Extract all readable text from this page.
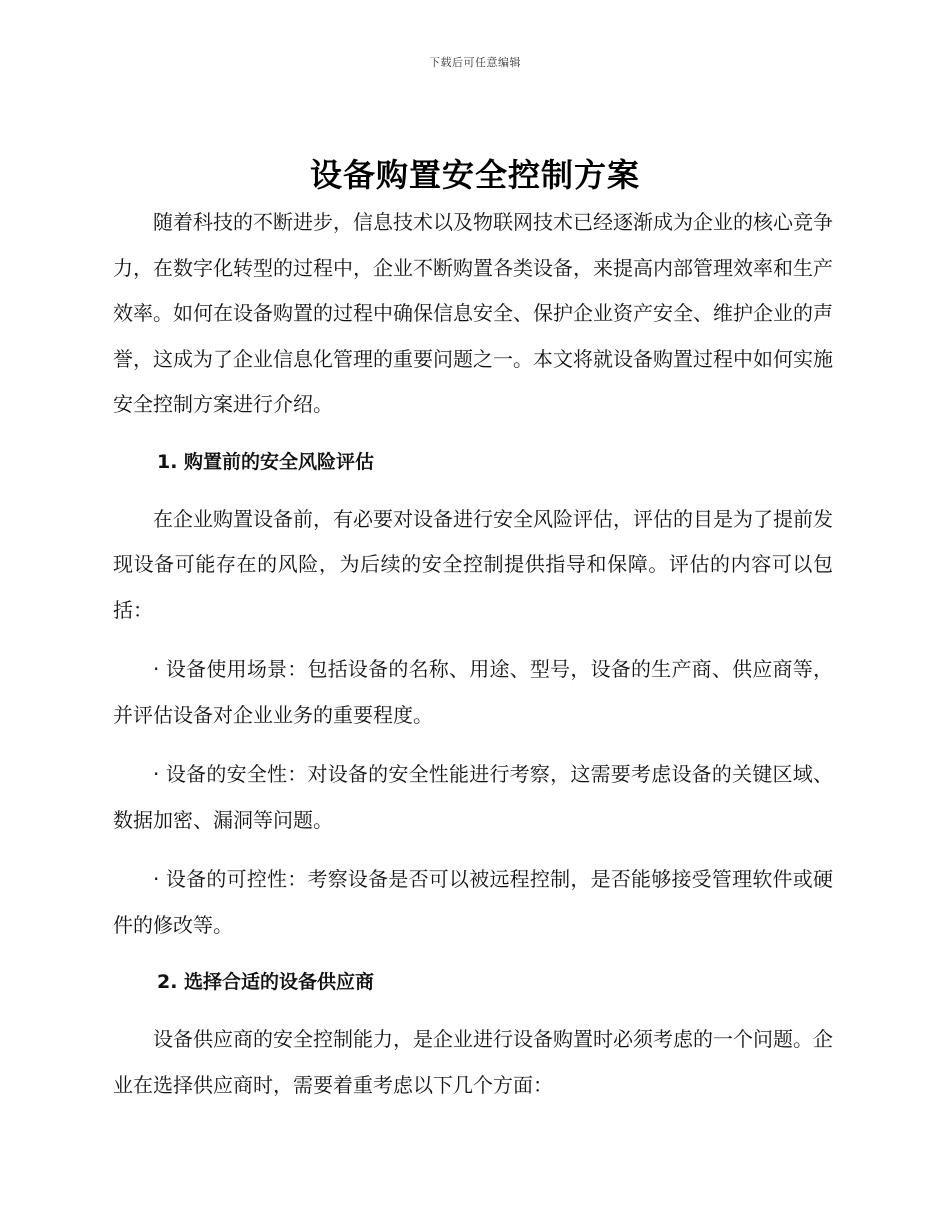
下载后可任意编辑
设备购置安全控制方案

随着科技的不断进步，信息技术以及物联网技术已经逐渐成为企业的核心竞争力，在数字化转型的过程中，企业不断购置各类设备，来提高内部管理效率和生产效率。如何在设备购置的过程中确保信息安全、保护企业资产安全、维护企业的声誉，这成为了企业信息化管理的重要问题之一。本文将就设备购置过程中如何实施安全控制方案进行介绍。

1. 购置前的安全风险评估

在企业购置设备前，有必要对设备进行安全风险评估，评估的目是为了提前发现设备可能存在的风险，为后续的安全控制提供指导和保障。评估的内容可以包括：

· 设备使用场景：包括设备的名称、用途、型号，设备的生产商、供应商等，并评估设备对企业业务的重要程度。

· 设备的安全性：对设备的安全性能进行考察，这需要考虑设备的关键区域、数据加密、漏洞等问题。

· 设备的可控性：考察设备是否可以被远程控制，是否能够接受管理软件或硬件的修改等。

2. 选择合适的设备供应商

设备供应商的安全控制能力，是企业进行设备购置时必须考虑的一个问题。企业在选择供应商时，需要着重考虑以下几个方面：
